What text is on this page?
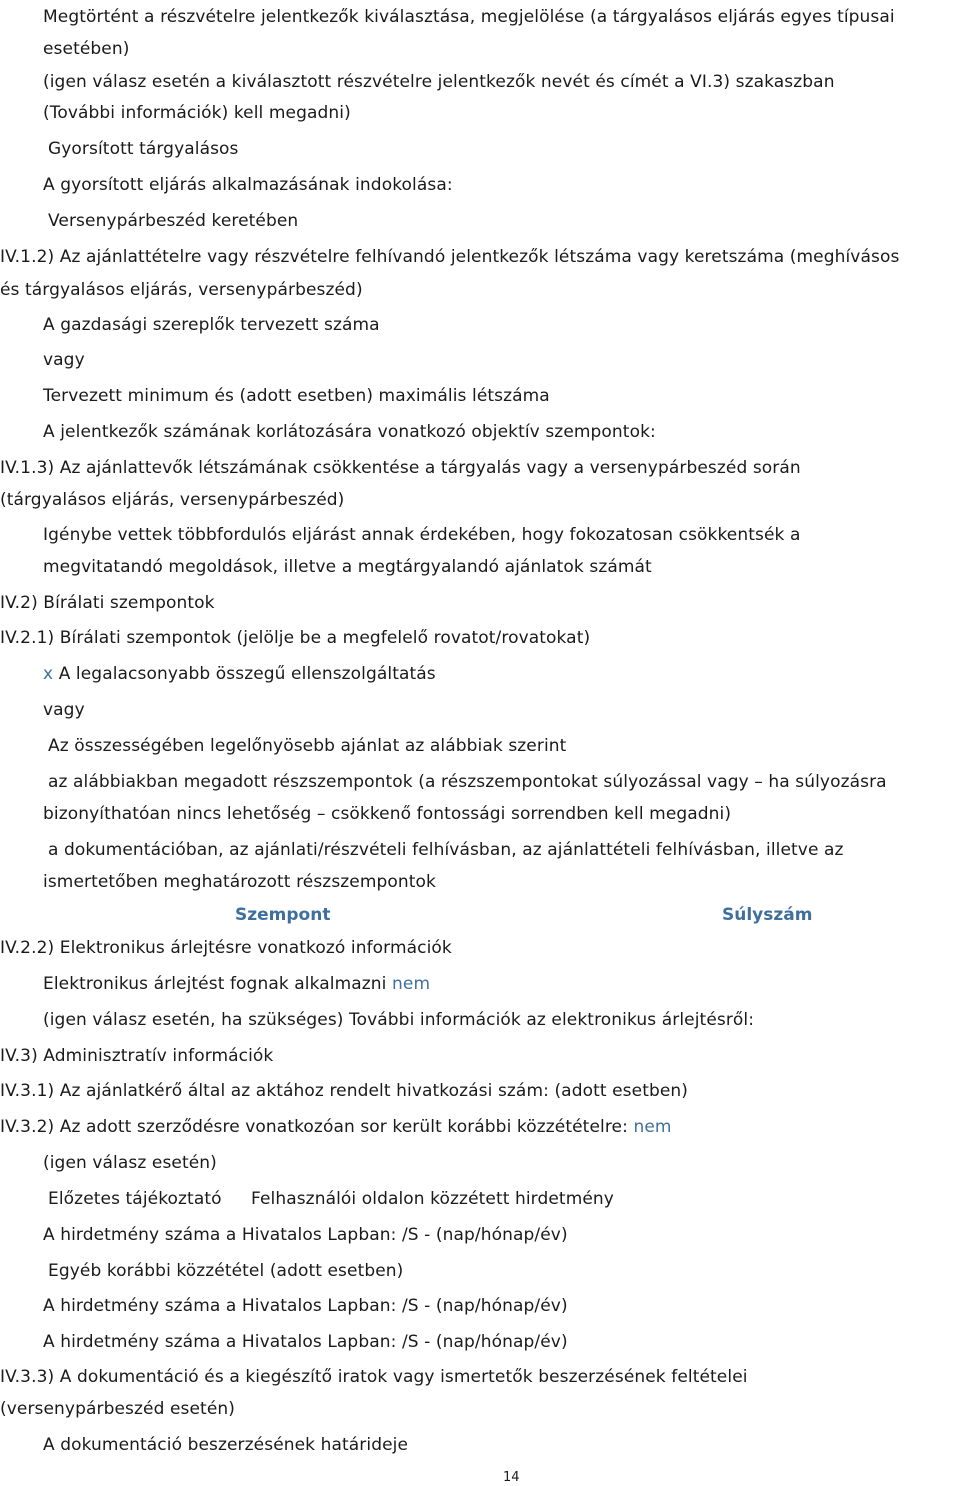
Megtörtént a részvételre jelentkezők kiválasztása, megjelölése (a tárgyalásos eljárás egyes típusai
esetében)
(igen válasz esetén a kiválasztott részvételre jelentkezők nevét és címét a VI.3) szakaszban
(További információk) kell megadni)
Gyorsított tárgyalásos
A gyorsított eljárás alkalmazásának indokolása:
Versenypárbeszéd keretében
IV.1.2) Az ajánlattételre vagy részvételre felhívandó jelentkezők létszáma vagy keretszáma (meghívásos
és tárgyalásos eljárás, versenypárbeszéd)
A gazdasági szereplők tervezett száma
vagy
Tervezett minimum és (adott esetben) maximális létszáma
A jelentkezők számának korlátozására vonatkozó objektív szempontok:
IV.1.3) Az ajánlattevők létszámának csökkentése a tárgyalás vagy a versenypárbeszéd során
(tárgyalásos eljárás, versenypárbeszéd)
Igénybe vettek többfordulós eljárást annak érdekében, hogy fokozatosan csökkentsék a
megvitatandó megoldások, illetve a megtárgyalandó ajánlatok számát
IV.2) Bírálati szempontok
IV.2.1) Bírálati szempontok (jelölje be a megfelelő rovatot/rovatokat)
x A legalacsonyabb összegű ellenszolgáltatás
vagy
Az összességében legelőnyösebb ajánlat az alábbiak szerint
az alábbiakban megadott részszempontok (a részszempontokat súlyozással vagy – ha súlyozásra
bizonyíthatóan nincs lehetőség – csökkenő fontossági sorrendben kell megadni)
a dokumentációban, az ajánlati/részvételi felhívásban, az ajánlattételi felhívásban, illetve az
ismertetőben meghatározott részszempontok
Szempont	Súlyszám
IV.2.2) Elektronikus árlejtésre vonatkozó információk
Elektronikus árlejtést fognak alkalmazni nem
(igen válasz esetén, ha szükséges) További információk az elektronikus árlejtésről:
IV.3) Adminisztratív információk
IV.3.1) Az ajánlatkérő által az aktához rendelt hivatkozási szám: (adott esetben)
IV.3.2) Az adott szerződésre vonatkozóan sor került korábbi közzétételre: nem
(igen válasz esetén)
Előzetes tájékoztató Felhasználói oldalon közzétett hirdetmény
A hirdetmény száma a Hivatalos Lapban: /S - (nap/hónap/év)
Egyéb korábbi közzététel (adott esetben)
A hirdetmény száma a Hivatalos Lapban: /S - (nap/hónap/év)
A hirdetmény száma a Hivatalos Lapban: /S - (nap/hónap/év)
IV.3.3) A dokumentáció és a kiegészítő iratok vagy ismertetők beszerzésének feltételei
(versenypárbeszéd esetén)
A dokumentáció beszerzésének határideje
14
